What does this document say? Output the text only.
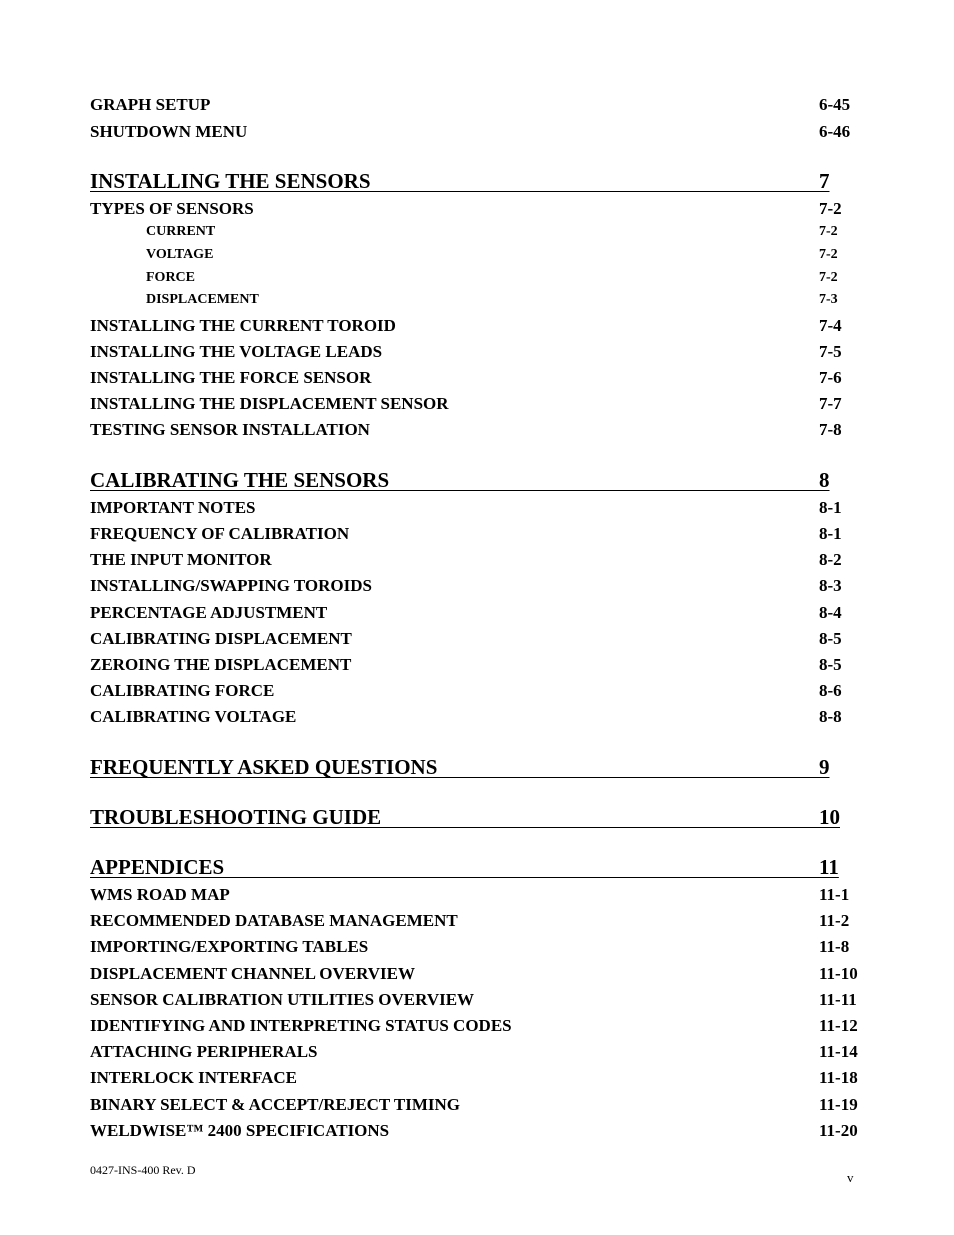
GRAPH SETUP	6-45
SHUTDOWN MENU	6-46
INSTALLING THE SENSORS	7
TYPES OF SENSORS	7-2
CURRENT	7-2
VOLTAGE	7-2
FORCE	7-2
DISPLACEMENT	7-3
INSTALLING THE CURRENT TOROID	7-4
INSTALLING THE VOLTAGE LEADS	7-5
INSTALLING THE FORCE SENSOR	7-6
INSTALLING THE DISPLACEMENT SENSOR	7-7
TESTING SENSOR INSTALLATION	7-8
CALIBRATING THE SENSORS	8
IMPORTANT NOTES	8-1
FREQUENCY OF CALIBRATION	8-1
THE INPUT MONITOR	8-2
INSTALLING/SWAPPING TOROIDS	8-3
PERCENTAGE ADJUSTMENT	8-4
CALIBRATING DISPLACEMENT	8-5
ZEROING THE DISPLACEMENT	8-5
CALIBRATING FORCE	8-6
CALIBRATING VOLTAGE	8-8
FREQUENTLY ASKED QUESTIONS	9
TROUBLESHOOTING GUIDE	10
APPENDICES	11
WMS ROAD MAP	11-1
RECOMMENDED DATABASE MANAGEMENT	11-2
IMPORTING/EXPORTING TABLES	11-8
DISPLACEMENT CHANNEL OVERVIEW	11-10
SENSOR CALIBRATION UTILITIES OVERVIEW	11-11
IDENTIFYING AND INTERPRETING STATUS CODES	11-12
ATTACHING PERIPHERALS	11-14
INTERLOCK INTERFACE	11-18
BINARY SELECT & ACCEPT/REJECT TIMING	11-19
WELDWISE™ 2400 SPECIFICATIONS	11-20
0427-INS-400 Rev. D	v
